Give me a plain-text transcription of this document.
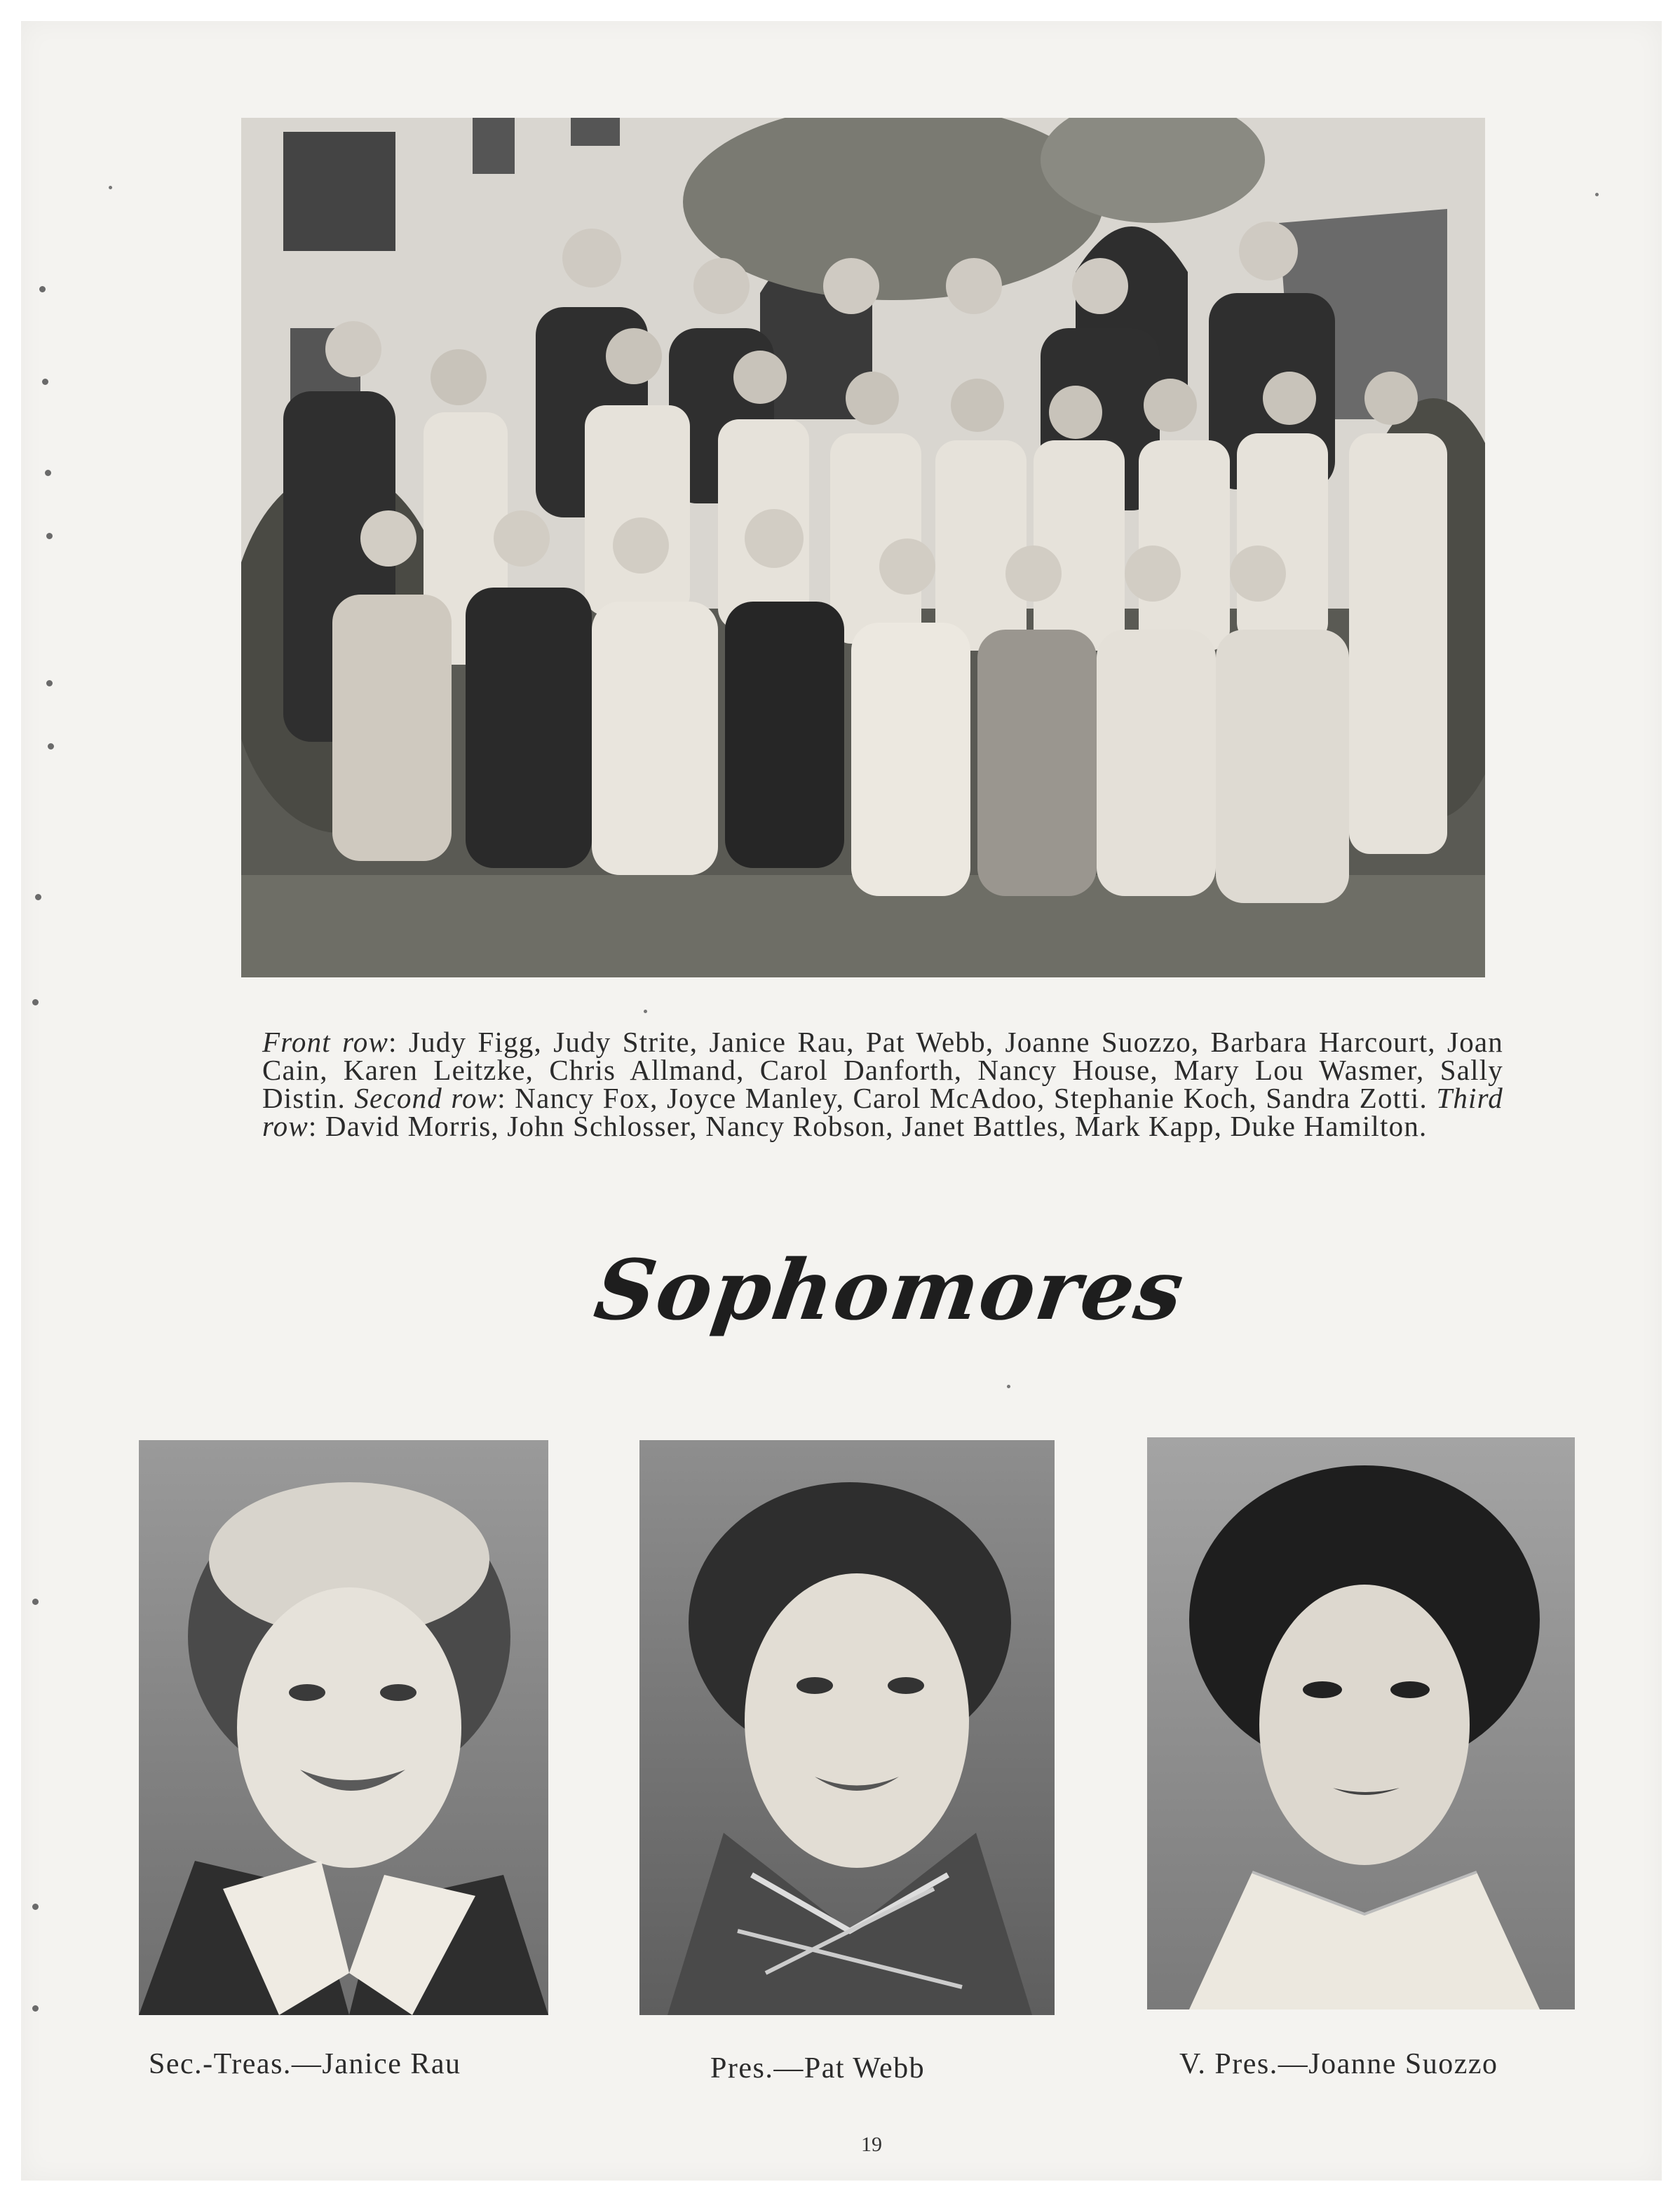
Front row: Judy Figg, Judy Strite, Janice Rau, Pat Webb, Joanne Suozzo, Barbara Harcourt, Joan Cain, Karen Leitzke, Chris Allmand, Carol Danforth, Nancy House, Mary Lou Wasmer, Sally Distin. Second row: Nancy Fox, Joyce Manley, Carol McAdoo, Stephanie Koch, Sandra Zotti. Third row: David Morris, John Schlosser, Nancy Robson, Janet Battles, Mark Kapp, Duke Hamilton.
Sophomores
Sec.-Treas.—Janice Rau	Pres.—Pat Webb	V. Pres.—Joanne Suozzo
19
